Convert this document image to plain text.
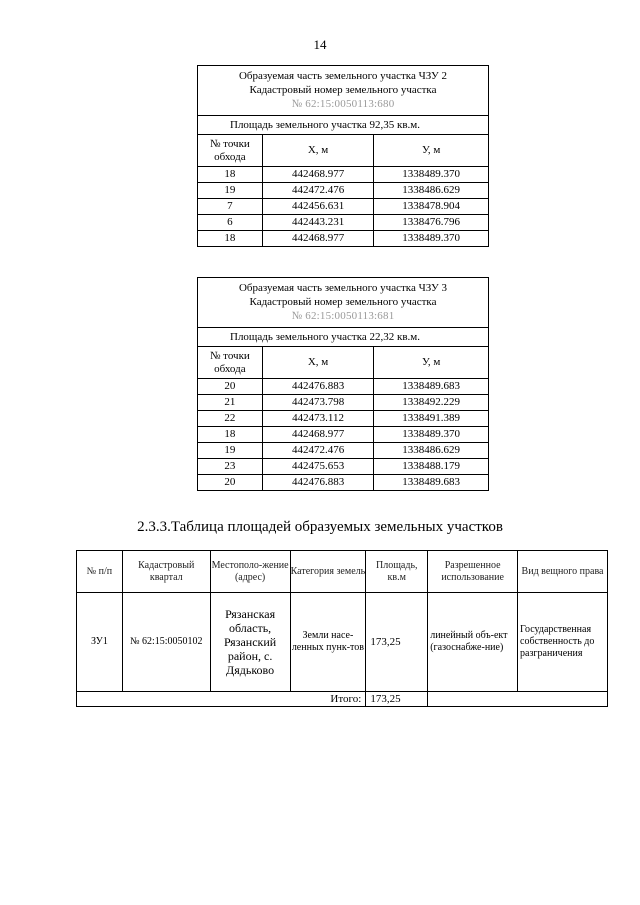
14
Образуемая часть земельного участка ЧЗУ 2
Кадастровый номер земельного участка
№ 62:15:0050113:680		

Площадь земельного участка 92,35 кв.м.		
№ точки обхода	X, м	У, м
18	442468.977	1338489.370
19	442472.476	1338486.629
7	442456.631	1338478.904
6	442443.231	1338476.796
18	442468.977	1338489.370
Образуемая часть земельного участка ЧЗУ 3
Кадастровый номер земельного участка
№ 62:15:0050113:681		

Площадь земельного участка 22,32 кв.м.		
№ точки обхода	X, м	У, м
20	442476.883	1338489.683
21	442473.798	1338492.229
22	442473.112	1338491.389
18	442468.977	1338489.370
19	442472.476	1338486.629
23	442475.653	1338488.179
20	442476.883	1338489.683
2.3.3.Таблица площадей образуемых земельных участков
№ п/п	Кадастровый квартал	Местополо-жение (адрес)	Категория земель	Площадь, кв.м	Разрешенное использование	Вид вещного права
ЗУ1	№ 62:15:0050102	Рязанская область, Рязанский район, с. Дядьково	Земли насе-ленных пунк-тов	173,25	линейный объ-ект (газоснабже-ние)	Государственная собственность до разграничения
Итого:				173,25		
